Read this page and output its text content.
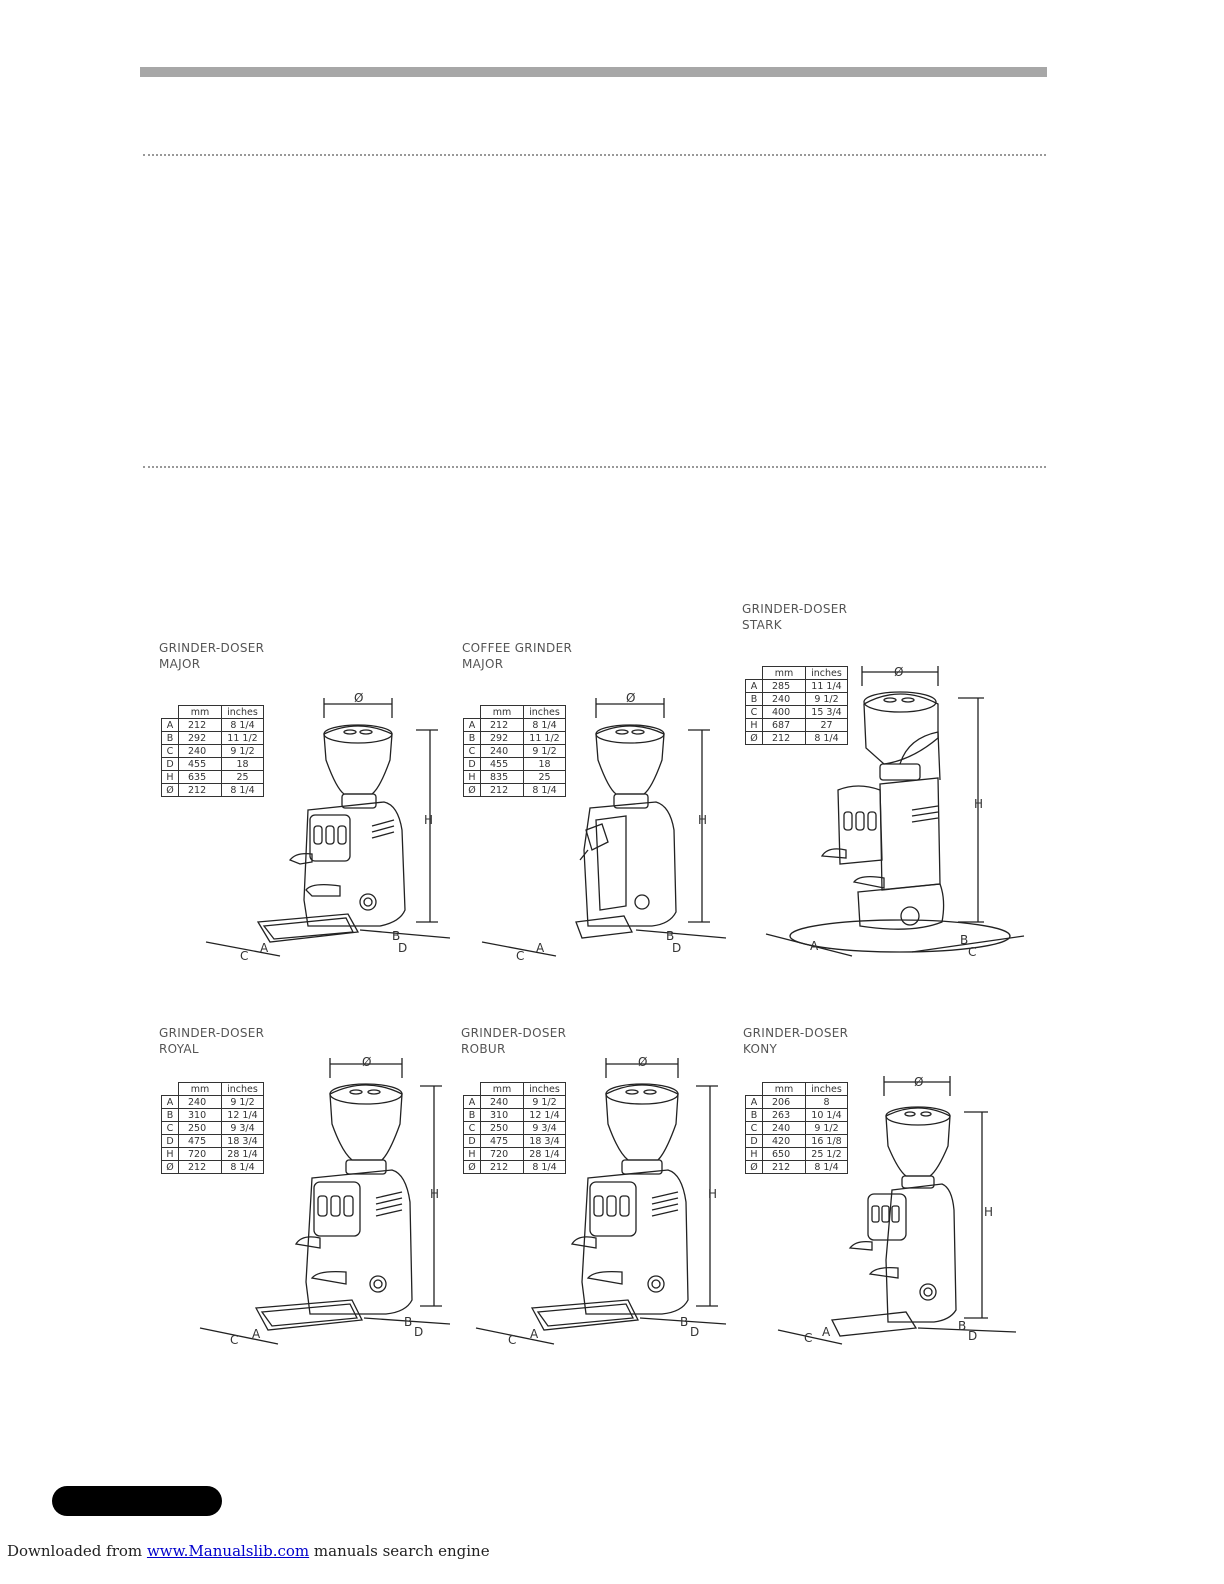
GRINDER-DOSER
MAJOR
	mm	inches
A	212	8 1/4
B	292	11 1/2
C	240	9 1/2
D	455	18
H	635	25
Ø	212	8 1/4
H
Ø
A
C
B
D
COFFEE GRINDER
MAJOR
	mm	inches
A	212	8 1/4
B	292	11 1/2
C	240	9 1/2
D	455	18
H	835	25
Ø	212	8 1/4
H
Ø
A
C
B
D
GRINDER-DOSER
STARK
	mm	inches
A	285	11 1/4
B	240	9 1/2
C	400	15 3/4
H	687	27
Ø	212	8 1/4
H
Ø
A	B
C
GRINDER-DOSER
ROYAL
	mm	inches
A	240	9 1/2
B	310	12 1/4
C	250	9 3/4
D	475	18 3/4
H	720	28 1/4
Ø	212	8 1/4
H
Ø
A
C
B
D
GRINDER-DOSER
ROBUR
	mm	inches
A	240	9 1/2
B	310	12 1/4
C	250	9 3/4
D	475	18 3/4
H	720	28 1/4
Ø	212	8 1/4
H
Ø
A
C
B
D
GRINDER-DOSER
KONY
	mm	inches
A	206	8
B	263	10 1/4
C	240	9 1/2
D	420	16 1/8
H	650	25 1/2
Ø	212	8 1/4
H
Ø
A
C
B
D
Downloaded from www.Manualslib.com manuals search engine
